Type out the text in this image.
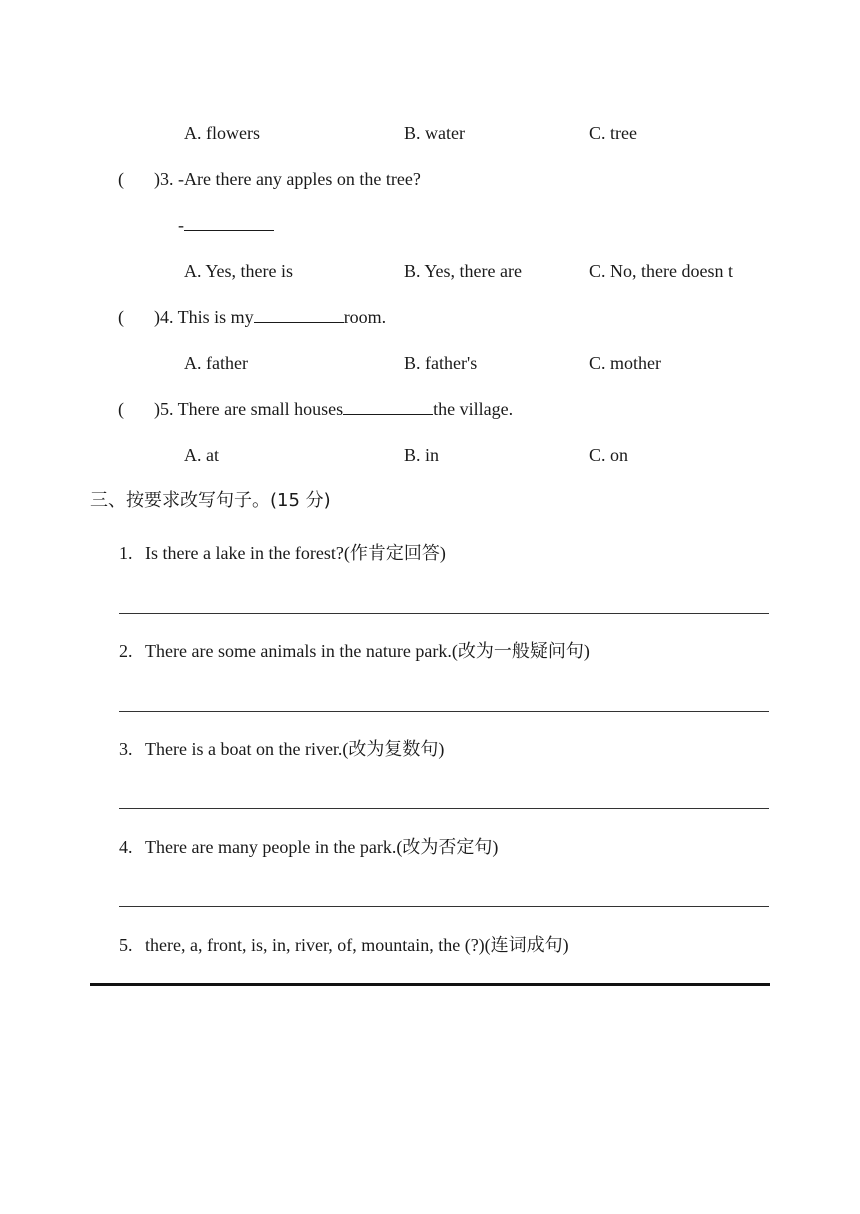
A. flowers	B. water	C. tree
( )3. -Are there any apples on the tree?
-
A. Yes, there is	B. Yes, there are	C. No, there doesn t
( )4. This is my	room.
A. father	B. father's	C. mother
( )5. There are small houses	the village.
A. at	B. in	C. on
三、按要求改写句子。(15 分)
1. Is there a lake in the forest?(作肯定回答)
2. There are some animals in the nature park.(改为一般疑问句)
3. There is a boat on the river.(改为复数句)
4. There are many people in the park.(改为否定句)
5. there, a, front, is, in, river, of, mountain, the (?)(连词成句)
